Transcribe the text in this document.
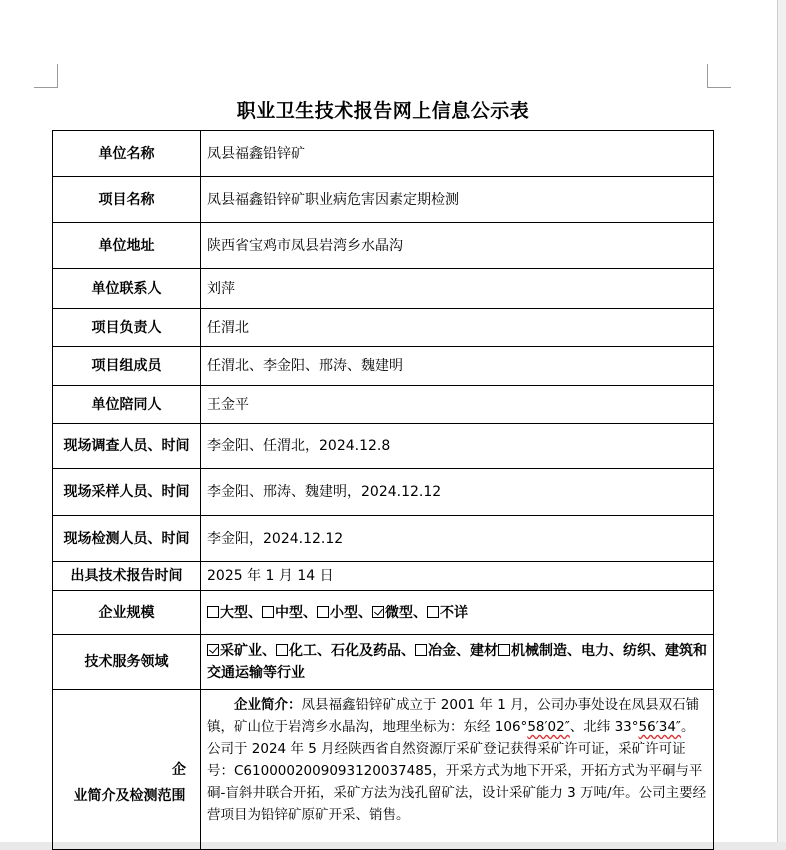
职业卫生技术报告网上信息公示表
单位名称	凤县福鑫铅锌矿
项目名称	凤县福鑫铅锌矿职业病危害因素定期检测
单位地址	陕西省宝鸡市凤县岩湾乡水晶沟
单位联系人	刘萍
项目负责人	任渭北
项目组成员	任渭北、李金阳、邢涛、魏建明
单位陪同人	王金平
现场调查人员、时间	李金阳、任渭北，2024.12.8
现场采样人员、时间	李金阳、邢涛、魏建明，2024.12.12
现场检测人员、时间	李金阳，2024.12.12
出具技术报告时间	2025 年 1 月 14 日
企业规模	大型、 中型、 小型、 微型、 不详
技术服务领域	采矿业、 化工、石化及药品、 冶金、建材 机械制造、电力、纺织、建筑和交通运输等行业

企
业简介及检测范围	企业简介：凤县福鑫铅锌矿成立于 2001 年 1 月，公司办事处设在凤县双石铺镇，矿山位于岩湾乡水晶沟，地理坐标为：东经 106°58′02″、北纬 33°56′34″。公司于 2024 年 5 月经陕西省自然资源厅采矿登记获得采矿许可证，采矿许可证号：C6100002009093120037485，开采方式为地下开采，开拓方式为平硐与平硐-盲斜井联合开拓，采矿方法为浅孔留矿法，设计采矿能力 3 万吨/年。公司主要经营项目为铅锌矿原矿开采、销售。
